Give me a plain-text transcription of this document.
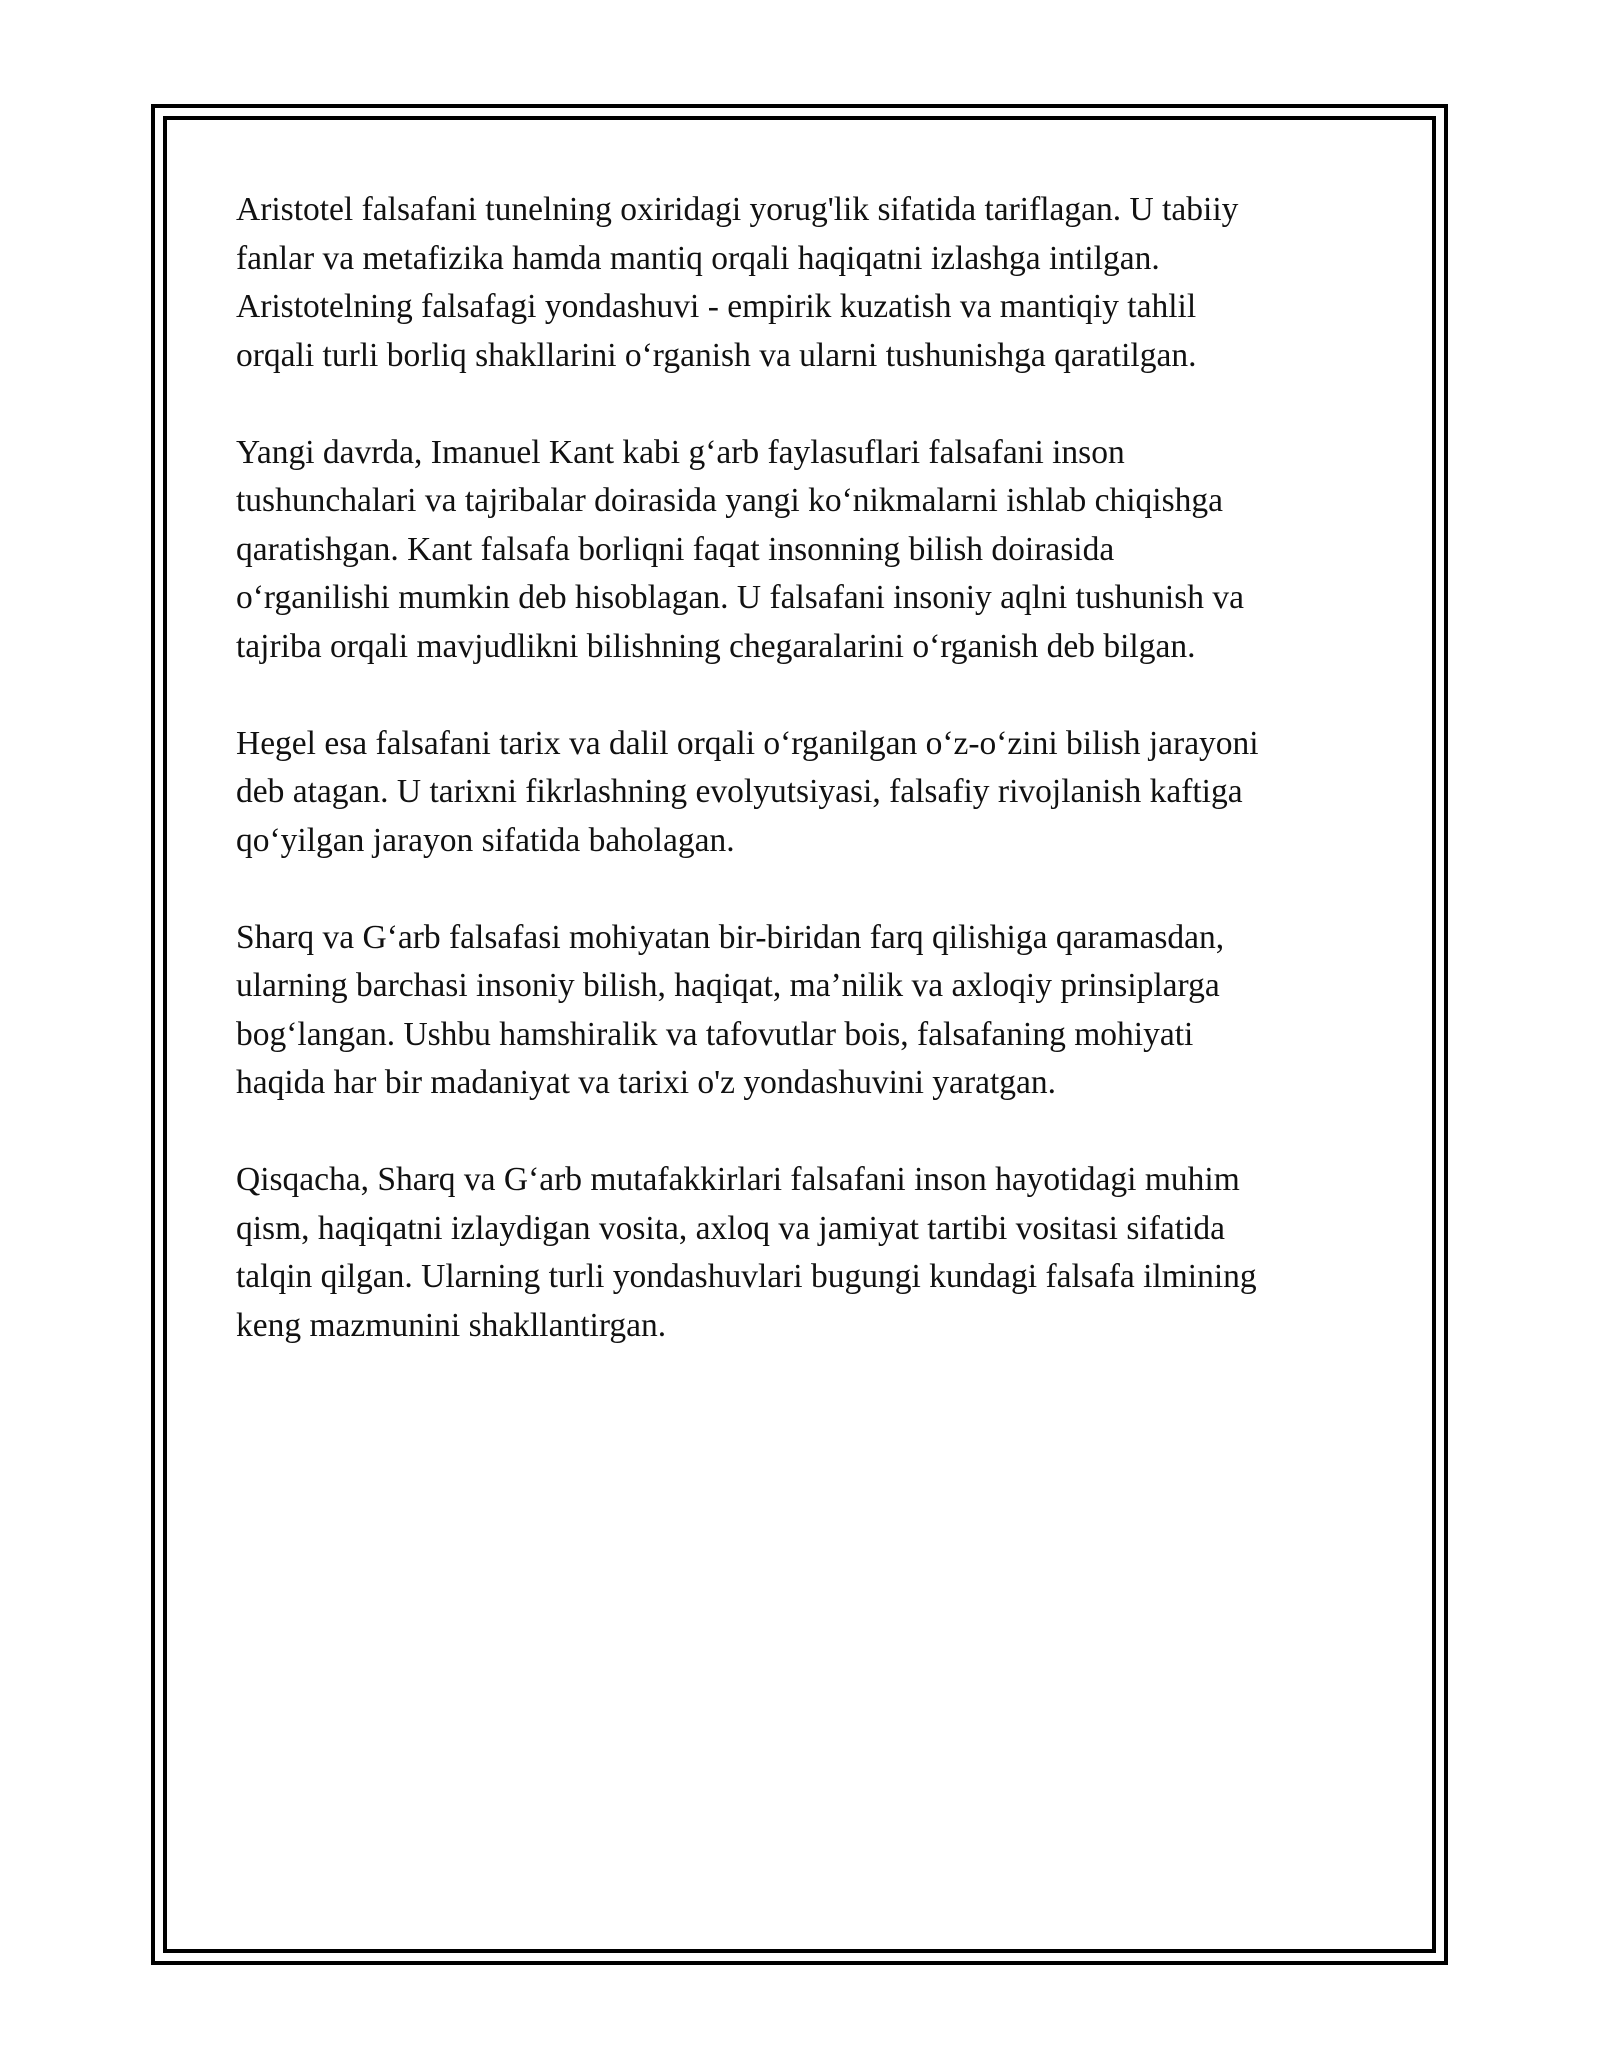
Aristotel falsafani tunelning oxiridagi yorug'lik sifatida tariflagan. U tabiiy
fanlar va metafizika hamda mantiq orqali haqiqatni izlashga intilgan.
Aristotelning falsafagi yondashuvi - empirik kuzatish va mantiqiy tahlil
orqali turli borliq shakllarini o‘rganish va ularni tushunishga qaratilgan.

Yangi davrda, Imanuel Kant kabi g‘arb faylasuflari falsafani inson
tushunchalari va tajribalar doirasida yangi ko‘nikmalarni ishlab chiqishga
qaratishgan. Kant falsafa borliqni faqat insonning bilish doirasida
o‘rganilishi mumkin deb hisoblagan. U falsafani insoniy aqlni tushunish va
tajriba orqali mavjudlikni bilishning chegaralarini o‘rganish deb bilgan.

Hegel esa falsafani tarix va dalil orqali o‘rganilgan o‘z-o‘zini bilish jarayoni
deb atagan. U tarixni fikrlashning evolyutsiyasi, falsafiy rivojlanish kaftiga
qo‘yilgan jarayon sifatida baholagan.

Sharq va G‘arb falsafasi mohiyatan bir-biridan farq qilishiga qaramasdan,
ularning barchasi insoniy bilish, haqiqat, ma’nilik va axloqiy prinsiplarga
bog‘langan. Ushbu hamshiralik va tafovutlar bois, falsafaning mohiyati
haqida har bir madaniyat va tarixi o'z yondashuvini yaratgan.

Qisqacha, Sharq va G‘arb mutafakkirlari falsafani inson hayotidagi muhim
qism, haqiqatni izlaydigan vosita, axloq va jamiyat tartibi vositasi sifatida
talqin qilgan. Ularning turli yondashuvlari bugungi kundagi falsafa ilmining
keng mazmunini shakllantirgan.
